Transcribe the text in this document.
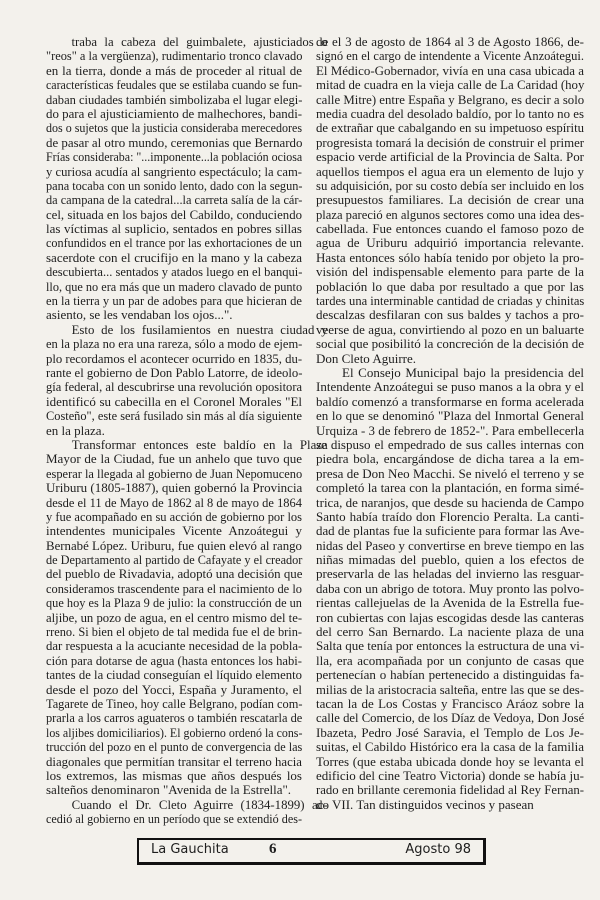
traba la cabeza del guimbalete, ajusticiados o
"reos" a la vergüenza), rudimentario tronco clavado
en la tierra, donde a más de proceder al ritual de
características feudales que se estilaba cuando se fun-
daban ciudades también simbolizaba el lugar elegi-
do para el ajusticiamiento de malhechores, bandi-
dos o sujetos que la justicia consideraba merecedores
de pasar al otro mundo, ceremonias que Bernardo
Frías consideraba: "...imponente...la población ociosa
y curiosa acudía al sangriento espectáculo; la cam-
pana tocaba con un sonido lento, dado con la segun-
da campana de la catedral...la carreta salía de la cár-
cel, situada en los bajos del Cabildo, conduciendo
las víctimas al suplicio, sentados en pobres sillas
confundidos en el trance por las exhortaciones de un
sacerdote con el crucifijo en la mano y la cabeza
descubierta... sentados y atados luego en el banqui-
llo, que no era más que un madero clavado de punto
en la tierra y un par de adobes para que hicieran de
asiento, se les vendaban los ojos...".
Esto de los fusilamientos en nuestra ciudad y
en la plaza no era una rareza, sólo a modo de ejem-
plo recordamos el acontecer ocurrido en 1835, du-
rante el gobierno de Don Pablo Latorre, de ideolo-
gía federal, al descubrirse una revolución opositora
identificó su cabecilla en el Coronel Morales "El
Costeño", este será fusilado sin más al día siguiente
en la plaza.
Transformar entonces este baldío en la Plaza
Mayor de la Ciudad, fue un anhelo que tuvo que
esperar la llegada al gobierno de Juan Nepomuceno
Uriburu (1805-1887), quien gobernó la Provincia
desde el 11 de Mayo de 1862 al 8 de mayo de 1864
y fue acompañado en su acción de gobierno por los
intendentes municipales Vicente Anzoátegui y
Bernabé López. Uriburu, fue quien elevó al rango
de Departamento al partido de Cafayate y el creador
del pueblo de Rivadavia, adoptó una decisión que
consideramos trascendente para el nacimiento de lo
que hoy es la Plaza 9 de julio: la construcción de un
aljibe, un pozo de agua, en el centro mismo del te-
rreno. Si bien el objeto de tal medida fue el de brin-
dar respuesta a la acuciante necesidad de la pobla-
ción para dotarse de agua (hasta entonces los habi-
tantes de la ciudad conseguían el líquido elemento
desde el pozo del Yocci, España y Juramento, el
Tagarete de Tineo, hoy calle Belgrano, podían com-
prarla a los carros aguateros o también rescatarla de
los aljibes domiciliarios). El gobierno ordenó la cons-
trucción del pozo en el punto de convergencia de las
diagonales que permitían transitar el terreno hacia
los extremos, las mismas que años después los
salteños denominaron "Avenida de la Estrella".
Cuando el Dr. Cleto Aguirre (1834-1899) ac-
cedió al gobierno en un período que se extendió des-
de el 3 de agosto de 1864 al 3 de Agosto 1866, de-
signó en el cargo de intendente a Vicente Anzoátegui.
El Médico-Gobernador, vivía en una casa ubicada a
mitad de cuadra en la vieja calle de La Caridad (hoy
calle Mitre) entre España y Belgrano, es decir a solo
media cuadra del desolado baldío, por lo tanto no es
de extrañar que cabalgando en su impetuoso espíritu
progresista tomará la decisión de construir el primer
espacio verde artificial de la Provincia de Salta. Por
aquellos tiempos el agua era un elemento de lujo y
su adquisición, por su costo debía ser incluido en los
presupuestos familiares. La decisión de crear una
plaza pareció en algunos sectores como una idea des-
cabellada. Fue entonces cuando el famoso pozo de
agua de Uriburu adquirió importancia relevante.
Hasta entonces sólo había tenido por objeto la pro-
visión del indispensable elemento para parte de la
población lo que daba por resultado a que por las
tardes una interminable cantidad de criadas y chinitas
descalzas desfilaran con sus baldes y tachos a pro-
veerse de agua, convirtiendo al pozo en un baluarte
social que posibilitó la concreción de la decisión de
Don Cleto Aguirre.
El Consejo Municipal bajo la presidencia del
Intendente Anzoátegui se puso manos a la obra y el
baldío comenzó a transformarse en forma acelerada
en lo que se denominó "Plaza del Inmortal General
Urquiza - 3 de febrero de 1852-". Para embellecerla
se dispuso el empedrado de sus calles internas con
piedra bola, encargándose de dicha tarea a la em-
presa de Don Neo Macchi. Se niveló el terreno y se
completó la tarea con la plantación, en forma simé-
trica, de naranjos, que desde su hacienda de Campo
Santo había traído don Florencio Peralta. La canti-
dad de plantas fue la suficiente para formar las Ave-
nidas del Paseo y convertirse en breve tiempo en las
niñas mimadas del pueblo, quien a los efectos de
preservarla de las heladas del invierno las resguar-
daba con un abrigo de totora. Muy pronto las polvo-
rientas callejuelas de la Avenida de la Estrella fue-
ron cubiertas con lajas escogidas desde las canteras
del cerro San Bernardo. La naciente plaza de una
Salta que tenía por entonces la estructura de una vi-
lla, era acompañada por un conjunto de casas que
pertenecían o habían pertenecido a distinguidas fa-
milias de la aristocracia salteña, entre las que se des-
tacan la de Los Costas y Francisco Aráoz sobre la
calle del Comercio, de los Díaz de Vedoya, Don José
Ibazeta, Pedro José Saravia, el Templo de Los Je-
suitas, el Cabildo Histórico era la casa de la familia
Torres (que estaba ubicada donde hoy se levanta el
edificio del cine Teatro Victoria) donde se había ju-
rado en brillante ceremonia fidelidad al Rey Fernan-
do VII. Tan distinguidos vecinos y pasean
La Gauchita	6	Agosto 98
